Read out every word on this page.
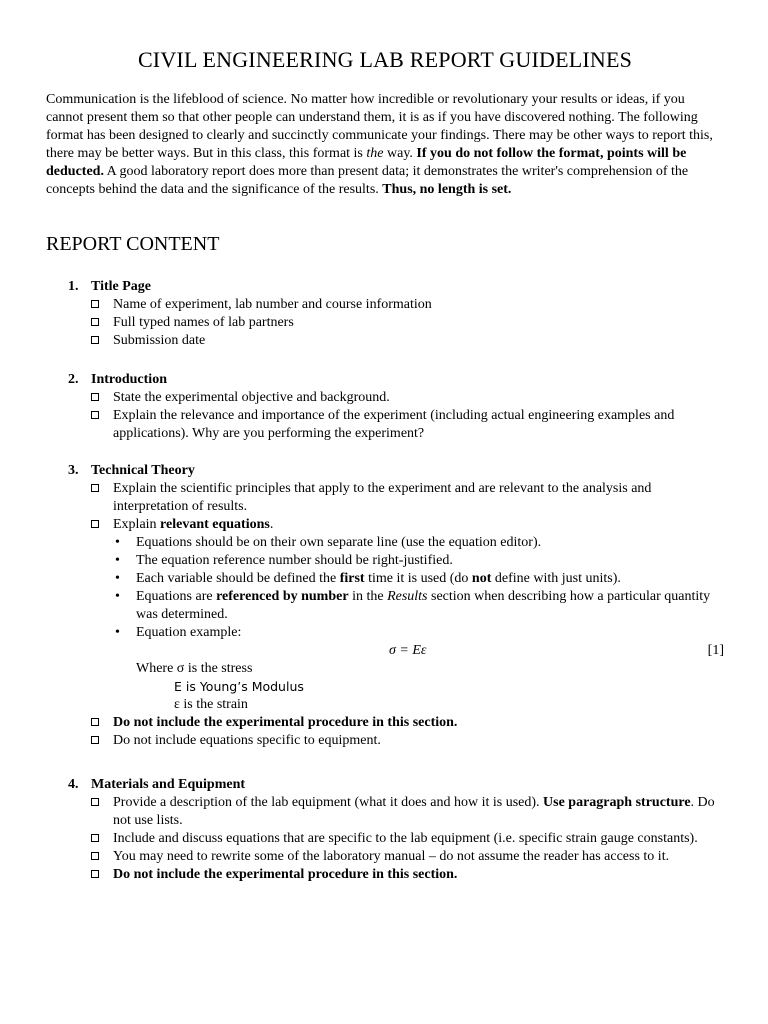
CIVIL ENGINEERING LAB REPORT GUIDELINES
Communication is the lifeblood of science. No matter how incredible or revolutionary your results or ideas, if you cannot present them so that other people can understand them, it is as if you have discovered nothing. The following format has been designed to clearly and succinctly communicate your findings. There may be other ways to report this, there may be better ways. But in this class, this format is the way. If you do not follow the format, points will be deducted. A good laboratory report does more than present data; it demonstrates the writer's comprehension of the concepts behind the data and the significance of the results. Thus, no length is set.
REPORT CONTENT
1. Title Page
Name of experiment, lab number and course information
Full typed names of lab partners
Submission date
2. Introduction
State the experimental objective and background.
Explain the relevance and importance of the experiment (including actual engineering examples and applications). Why are you performing the experiment?
3. Technical Theory
Explain the scientific principles that apply to the experiment and are relevant to the analysis and interpretation of results.
Explain relevant equations.
• Equations should be on their own separate line (use the equation editor).
• The equation reference number should be right-justified.
• Each variable should be defined the first time it is used (do not define with just units).
• Equations are referenced by number in the Results section when describing how a particular quantity was determined.
• Equation example:
σ = Eε	[1]
Where σ is the stress
E is Young’s Modulus
ε is the strain
Do not include the experimental procedure in this section.
Do not include equations specific to equipment.
4. Materials and Equipment
Provide a description of the lab equipment (what it does and how it is used). Use paragraph structure. Do not use lists.
Include and discuss equations that are specific to the lab equipment (i.e. specific strain gauge constants).
You may need to rewrite some of the laboratory manual – do not assume the reader has access to it.
Do not include the experimental procedure in this section.
